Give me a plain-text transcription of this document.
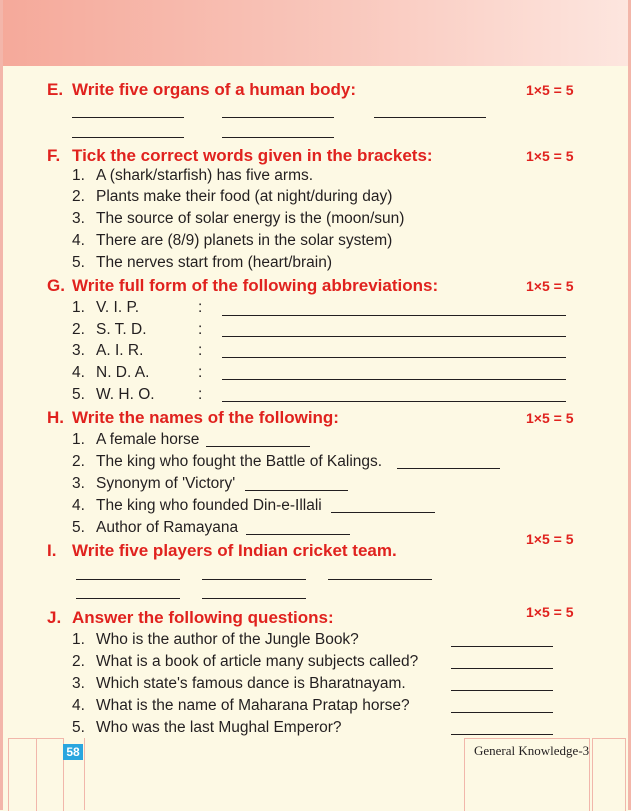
E. Write five organs of a human body:	1×5 = 5
F. Tick the correct words given in the brackets:	1×5 = 5
1. A (shark/starfish) has five arms.
2. Plants make their food (at night/during day)
3. The source of solar energy is the (moon/sun)
4. There are (8/9) planets in the solar system)
5. The nerves start from (heart/brain)
G. Write full form of the following abbreviations:	1×5 = 5
1. V. I. P.	:
2. S. T. D.	:
3. A. I. R.	:
4. N. D. A.	:
5. W. H. O.	:
H. Write the names of the following:	1×5 = 5
1. A female horse
2. The king who fought the Battle of Kalings.
3. Synonym of 'Victory'
4. The king who founded Din-e-Illali
5. Author of Ramayana
I. Write five players of Indian cricket team.
1×5 = 5
J. Answer the following questions:	1×5 = 5
1. Who is the author of the Jungle Book?
2. What is a book of article many subjects called?
3. Which state's famous dance is Bharatnayam.
4. What is the name of Maharana Pratap horse?
5. Who was the last Mughal Emperor?
58	General Knowledge-3
